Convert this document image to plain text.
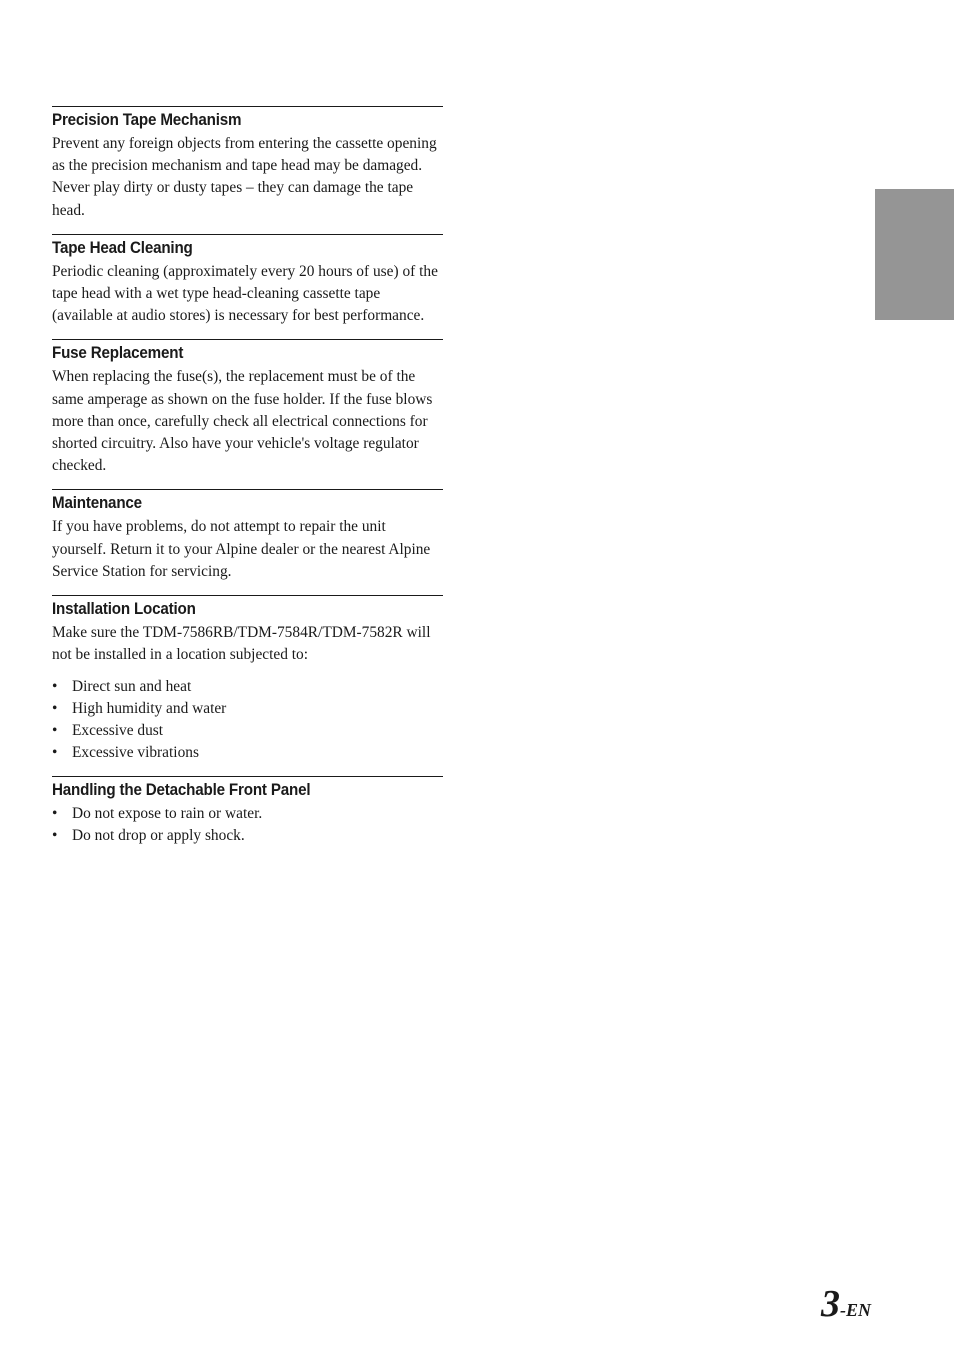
Precision Tape Mechanism

Prevent any foreign objects from entering the cassette opening as the precision mechanism and tape head may be damaged.

Never play dirty or dusty tapes – they can damage the tape head.

Tape Head Cleaning

Periodic cleaning (approximately every 20 hours of use) of the tape head with a wet type head-cleaning cassette tape (available at audio stores) is necessary for best performance.

Fuse Replacement

When replacing the fuse(s), the replacement must be of the same amperage as shown on the fuse holder. If the fuse blows more than once, carefully check all electrical connections for shorted circuitry. Also have your vehicle's voltage regulator checked.

Maintenance

If you have problems, do not attempt to repair the unit yourself. Return it to your Alpine dealer or the nearest Alpine Service Station for servicing.

Installation Location

Make sure the TDM-7586RB/TDM-7584R/TDM-7582R will not be installed in a location subjected to:

• Direct sun and heat
• High humidity and water
• Excessive dust
• Excessive vibrations
Handling the Detachable Front Panel
• Do not expose to rain or water.
• Do not drop or apply shock.
3-EN
